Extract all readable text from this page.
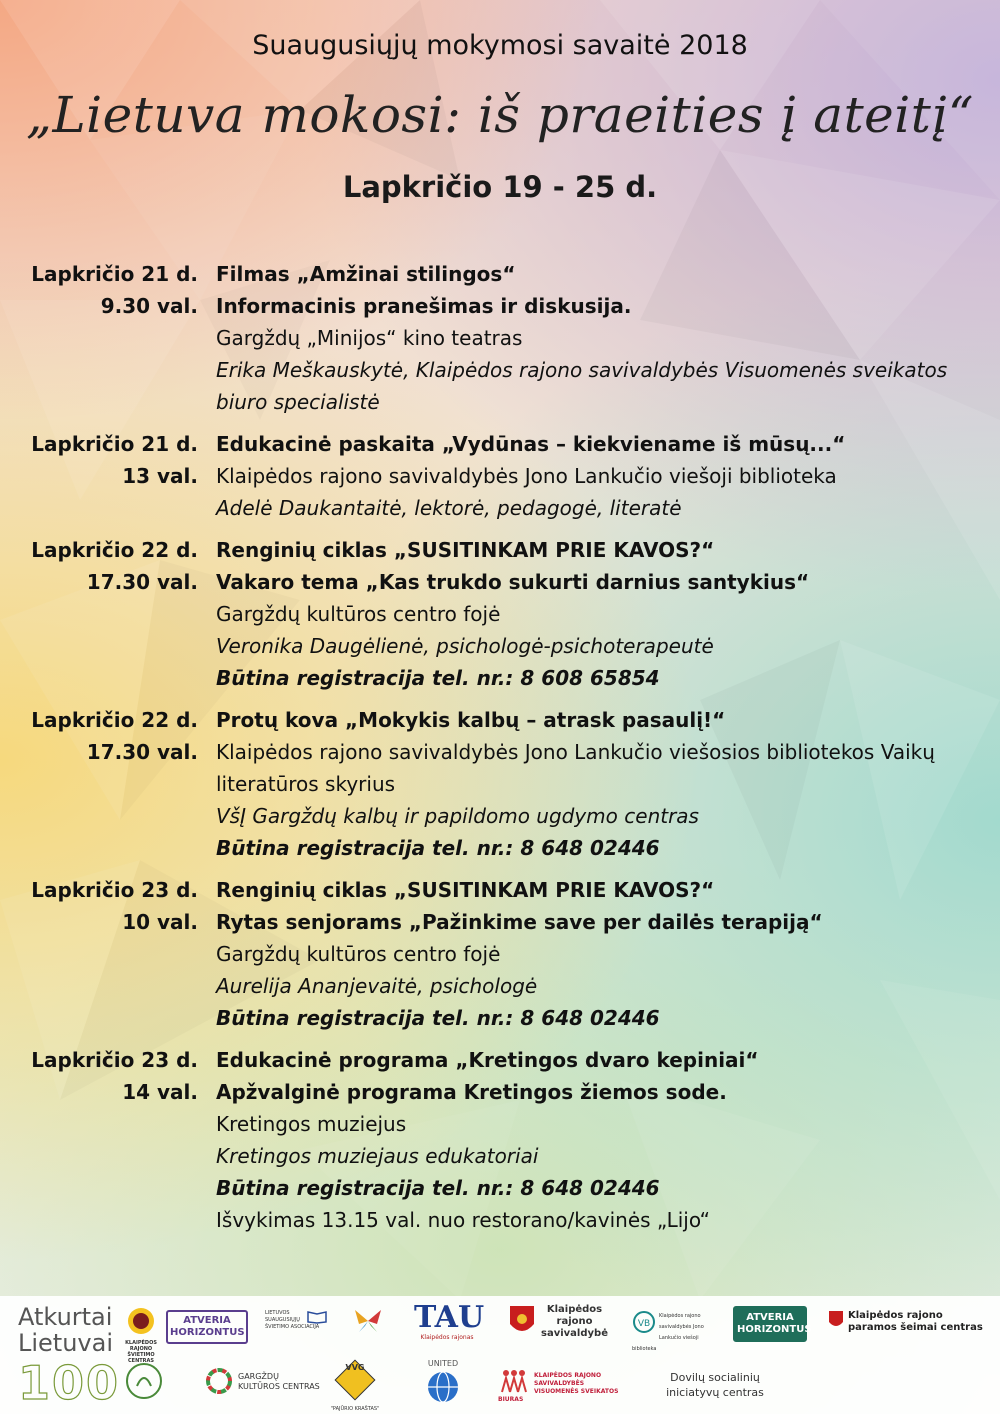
Suaugusiųjų mokymosi savaitė 2018
„Lietuva mokosi: iš praeities į ateitį“
Lapkričio 19 - 25 d.
Lapkričio 21 d.
9.30 val.
Filmas „Amžinai stilingos“
Informacinis pranešimas ir diskusija.
Gargždų „Minijos“ kino teatras
Erika Meškauskytė, Klaipėdos rajono savivaldybės Visuomenės sveikatos biuro specialistė
Lapkričio 21 d.
13 val.
Edukacinė paskaita „Vydūnas – kiekviename iš mūsų...“
Klaipėdos rajono savivaldybės Jono Lankučio viešoji biblioteka
Adelė Daukantaitė, lektorė, pedagogė, literatė
Lapkričio 22 d.
17.30 val.
Renginių ciklas „SUSITINKAM PRIE KAVOS?“
Vakaro tema „Kas trukdo sukurti darnius santykius“
Gargždų kultūros centro fojė
Veronika Daugėlienė, psichologė-psichoterapeutė
Būtina registracija tel. nr.: 8 608 65854
Lapkričio 22 d.
17.30 val.
Protų kova „Mokykis kalbų – atrask pasaulį!“
Klaipėdos rajono savivaldybės Jono Lankučio viešosios bibliotekos Vaikų literatūros skyrius
VšĮ Gargždų kalbų ir papildomo ugdymo centras
Būtina registracija tel. nr.: 8 648 02446
Lapkričio 23 d.
10 val.
Renginių ciklas „SUSITINKAM PRIE KAVOS?“
Rytas senjorams „Pažinkime save per dailės terapiją“
Gargždų kultūros centro fojė
Aurelija Ananjevaitė, psichologė
Būtina registracija tel. nr.: 8 648 02446
Lapkričio 23 d.
14 val.
Edukacinė programa „Kretingos dvaro kepiniai“
Apžvalginė programa Kretingos žiemos sode.
Kretingos muziejus
Kretingos muziejaus edukatoriai
Būtina registracija tel. nr.: 8 648 02446
Išvykimas 13.15 val. nuo restorano/kavinės „Lijo“
Atkurtai
Lietuvai
100
KLAIPĖDOS RAJONO ŠVIETIMO CENTRAS
ATVERIA HORIZONTUS
LIETUVOS SUAUGUSIŲJŲ ŠVIETIMO ASOCIACIJA	TAU
Klaipėdos rajonas
Klaipėdos
rajono
savivaldybė
VB
Klaipėdos rajono savivaldybės Jono Lankučio viešoji biblioteka
ATVERIA HORIZONTUS
Klaipėdos rajono
paramos šeimai centras
GARGŽDŲ
KULTŪROS CENTRAS
VVG
"PAJŪRIO KRAŠTAS"
UNITED
KLAIPĖDOS RAJONO SAVIVALDYBĖS
VISUOMENĖS SVEIKATOS BIURAS
Dovilų socialinių
iniciatyvų centras
